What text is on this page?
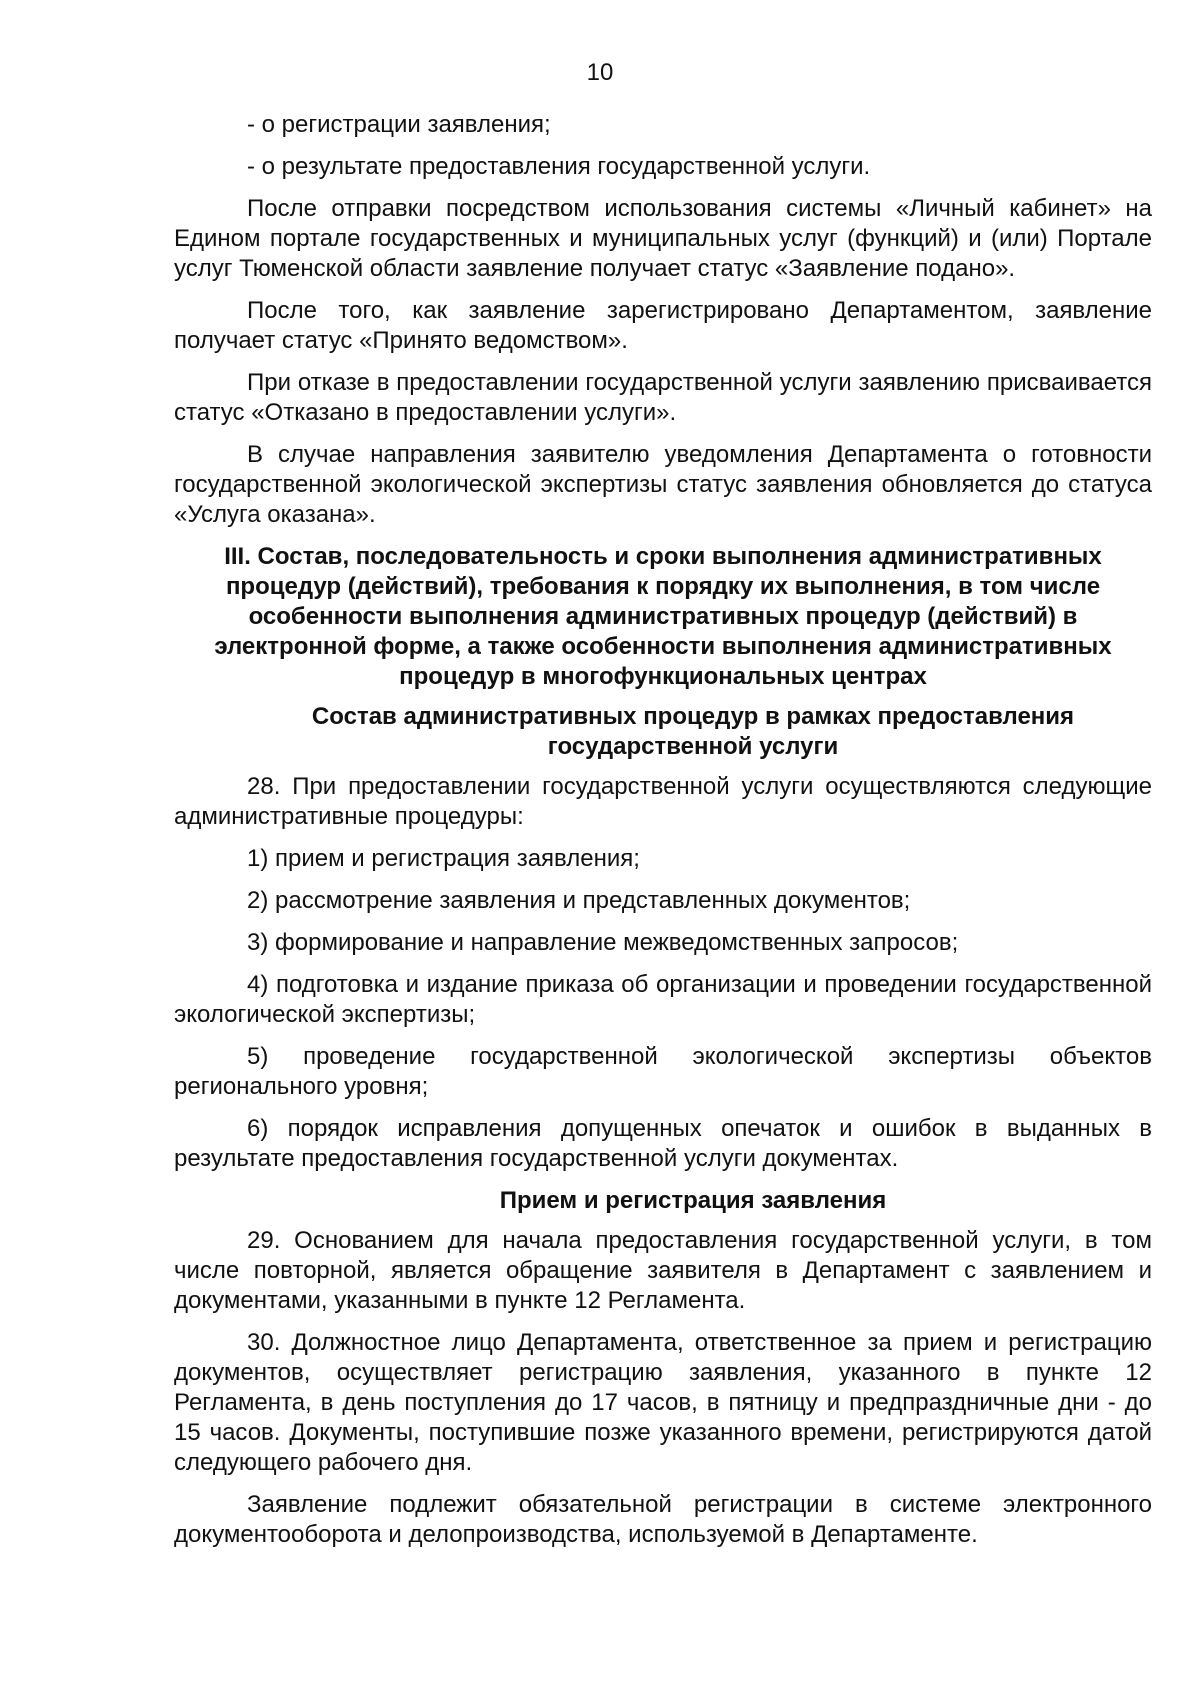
10

- о регистрации заявления;

- о результате предоставления государственной услуги.

После отправки посредством использования системы «Личный кабинет» на Едином портале государственных и муниципальных услуг (функций) и (или) Портале услуг Тюменской области заявление получает статус «Заявление подано».

После того, как заявление зарегистрировано Департаментом, заявление получает статус «Принято ведомством».

При отказе в предоставлении государственной услуги заявлению присваивается статус «Отказано в предоставлении услуги».

В случае направления заявителю уведомления Департамента о готовности государственной экологической экспертизы статус заявления обновляется до статуса «Услуга оказана».

III. Состав, последовательность и сроки выполнения административных процедур (действий), требования к порядку их выполнения, в том числе особенности выполнения административных процедур (действий) в электронной форме, а также особенности выполнения административных процедур в многофункциональных центрах
Состав административных процедур в рамках предоставления государственной услуги

28. При предоставлении государственной услуги осуществляются следующие административные процедуры:

1) прием и регистрация заявления;

2) рассмотрение заявления и представленных документов;

3) формирование и направление межведомственных запросов;

4) подготовка и издание приказа об организации и проведении государственной экологической экспертизы;

5) проведение государственной экологической экспертизы объектов регионального уровня;

6) порядок исправления допущенных опечаток и ошибок в выданных в результате предоставления государственной услуги документах.

Прием и регистрация заявления

29. Основанием для начала предоставления государственной услуги, в том числе повторной, является обращение заявителя в Департамент с заявлением и документами, указанными в пункте 12 Регламента.

30. Должностное лицо Департамента, ответственное за прием и регистрацию документов, осуществляет регистрацию заявления, указанного в пункте 12 Регламента, в день поступления до 17 часов, в пятницу и предпраздничные дни - до 15 часов. Документы, поступившие позже указанного времени, регистрируются датой следующего рабочего дня.

Заявление подлежит обязательной регистрации в системе электронного документооборота и делопроизводства, используемой в Департаменте.
